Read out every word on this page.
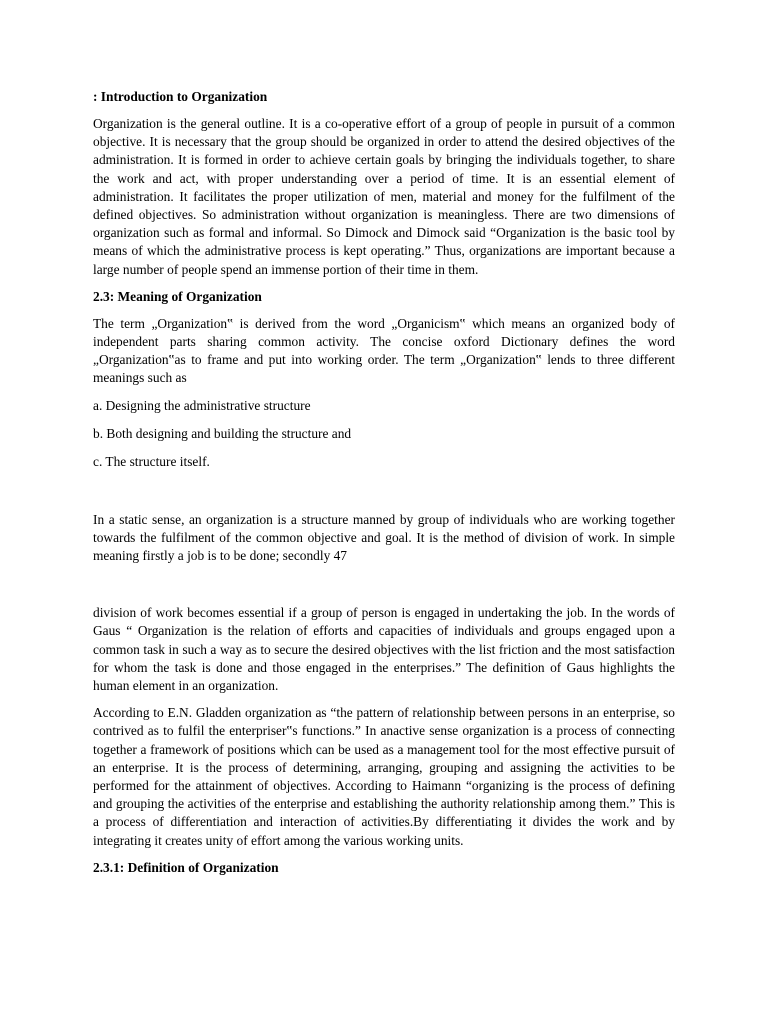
: Introduction to Organization

Organization is the general outline. It is a co-operative effort of a group of people in pursuit of a common objective. It is necessary that the group should be organized in order to attend the desired objectives of the administration. It is formed in order to achieve certain goals by bringing the individuals together, to share the work and act, with proper understanding over a period of time. It is an essential element of administration. It facilitates the proper utilization of men, material and money for the fulfilment of the defined objectives. So administration without organization is meaningless. There are two dimensions of organization such as formal and informal. So Dimock and Dimock said “Organization is the basic tool by means of which the administrative process is kept operating.” Thus, organizations are important because a large number of people spend an immense portion of their time in them.

2.3: Meaning of Organization

The term „Organization‟ is derived from the word „Organicism‟ which means an organized body of independent parts sharing common activity. The concise oxford Dictionary defines the word „Organization‟as to frame and put into working order. The term „Organization‟ lends to three different meanings such as

a. Designing the administrative structure
b. Both designing and building the structure and
c. The structure itself.

In a static sense, an organization is a structure manned by group of individuals who are working together towards the fulfilment of the common objective and goal. It is the method of division of work. In simple meaning firstly a job is to be done; secondly 47

division of work becomes essential if a group of person is engaged in undertaking the job. In the words of Gaus “ Organization is the relation of efforts and capacities of individuals and groups engaged upon a common task in such a way as to secure the desired objectives with the list friction and the most satisfaction for whom the task is done and those engaged in the enterprises.” The definition of Gaus highlights the human element in an organization.

According to E.N. Gladden organization as “the pattern of relationship between persons in an enterprise, so contrived as to fulfil the enterpriser‟s functions.” In anactive sense organization is a process of connecting together a framework of positions which can be used as a management tool for the most effective pursuit of an enterprise. It is the process of determining, arranging, grouping and assigning the activities to be performed for the attainment of objectives. According to Haimann “organizing is the process of defining and grouping the activities of the enterprise and establishing the authority relationship among them.” This is a process of differentiation and interaction of activities.By differentiating it divides the work and by integrating it creates unity of effort among the various working units.

2.3.1: Definition of Organization
